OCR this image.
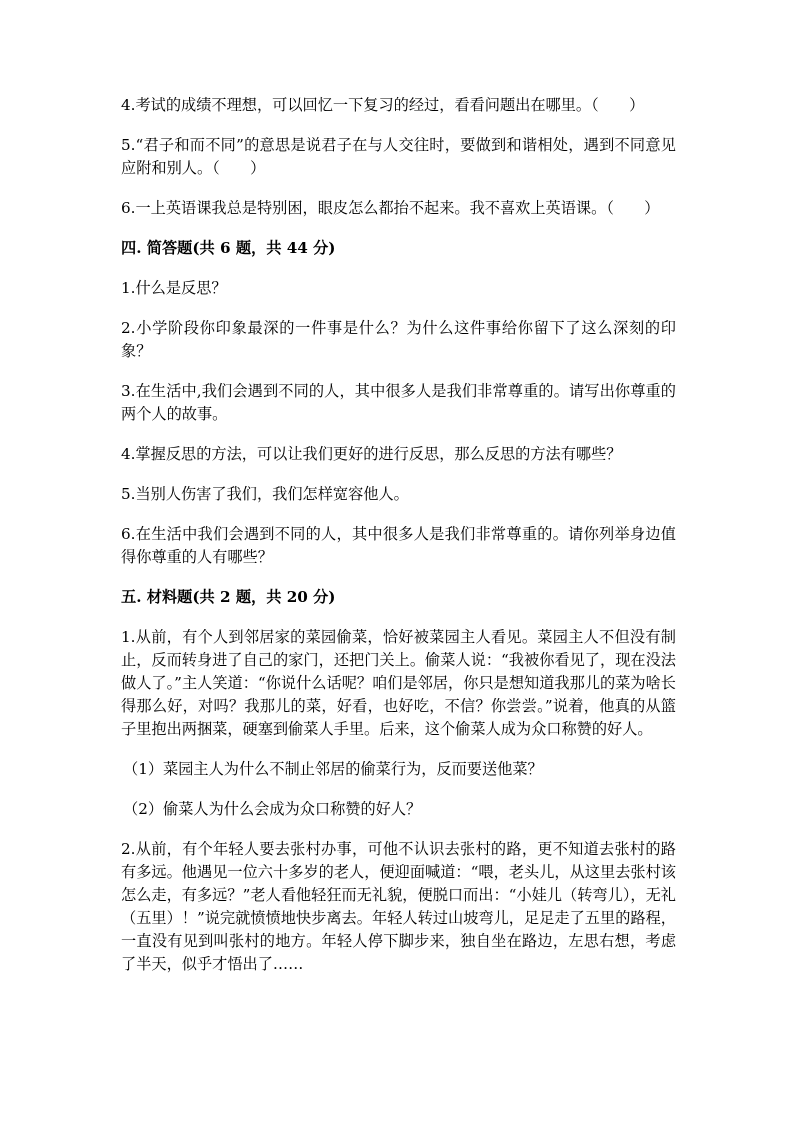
4.考试的成绩不理想，可以回忆一下复习的经过，看看问题出在哪里。（　　）

5.“君子和而不同”的意思是说君子在与人交往时，要做到和谐相处，遇到不同意见应附和别人。（　　）

6.一上英语课我总是特别困，眼皮怎么都抬不起来。我不喜欢上英语课。（　　）

四. 简答题(共 6 题，共 44 分)

1.什么是反思？

2.小学阶段你印象最深的一件事是什么？为什么这件事给你留下了这么深刻的印象？

3.在生活中,我们会遇到不同的人，其中很多人是我们非常尊重的。请写出你尊重的两个人的故事。

4.掌握反思的方法，可以让我们更好的进行反思，那么反思的方法有哪些？

5.当别人伤害了我们，我们怎样宽容他人。

6.在生活中我们会遇到不同的人，其中很多人是我们非常尊重的。请你列举身边值得你尊重的人有哪些？

五. 材料题(共 2 题，共 20 分)

1.从前，有个人到邻居家的菜园偷菜，恰好被菜园主人看见。菜园主人不但没有制止，反而转身进了自己的家门，还把门关上。偷菜人说：“我被你看见了，现在没法做人了。”主人笑道：“你说什么话呢？咱们是邻居，你只是想知道我那儿的菜为啥长得那么好，对吗？我那儿的菜，好看，也好吃，不信？你尝尝。”说着，他真的从篮子里抱出两捆菜，硬塞到偷菜人手里。后来，这个偷菜人成为众口称赞的好人。

（1）菜园主人为什么不制止邻居的偷菜行为，反而要送他菜？

（2）偷菜人为什么会成为众口称赞的好人？

2.从前，有个年轻人要去张村办事，可他不认识去张村的路，更不知道去张村的路有多远。他遇见一位六十多岁的老人，便迎面喊道：“喂，老头儿，从这里去张村该怎么走，有多远？”老人看他轻狂而无礼貌，便脱口而出：“小娃儿（转弯儿），无礼（五里）！”说完就愤愤地快步离去。年轻人转过山坡弯儿，足足走了五里的路程，一直没有见到叫张村的地方。年轻人停下脚步来，独自坐在路边，左思右想，考虑了半天，似乎才悟出了……
